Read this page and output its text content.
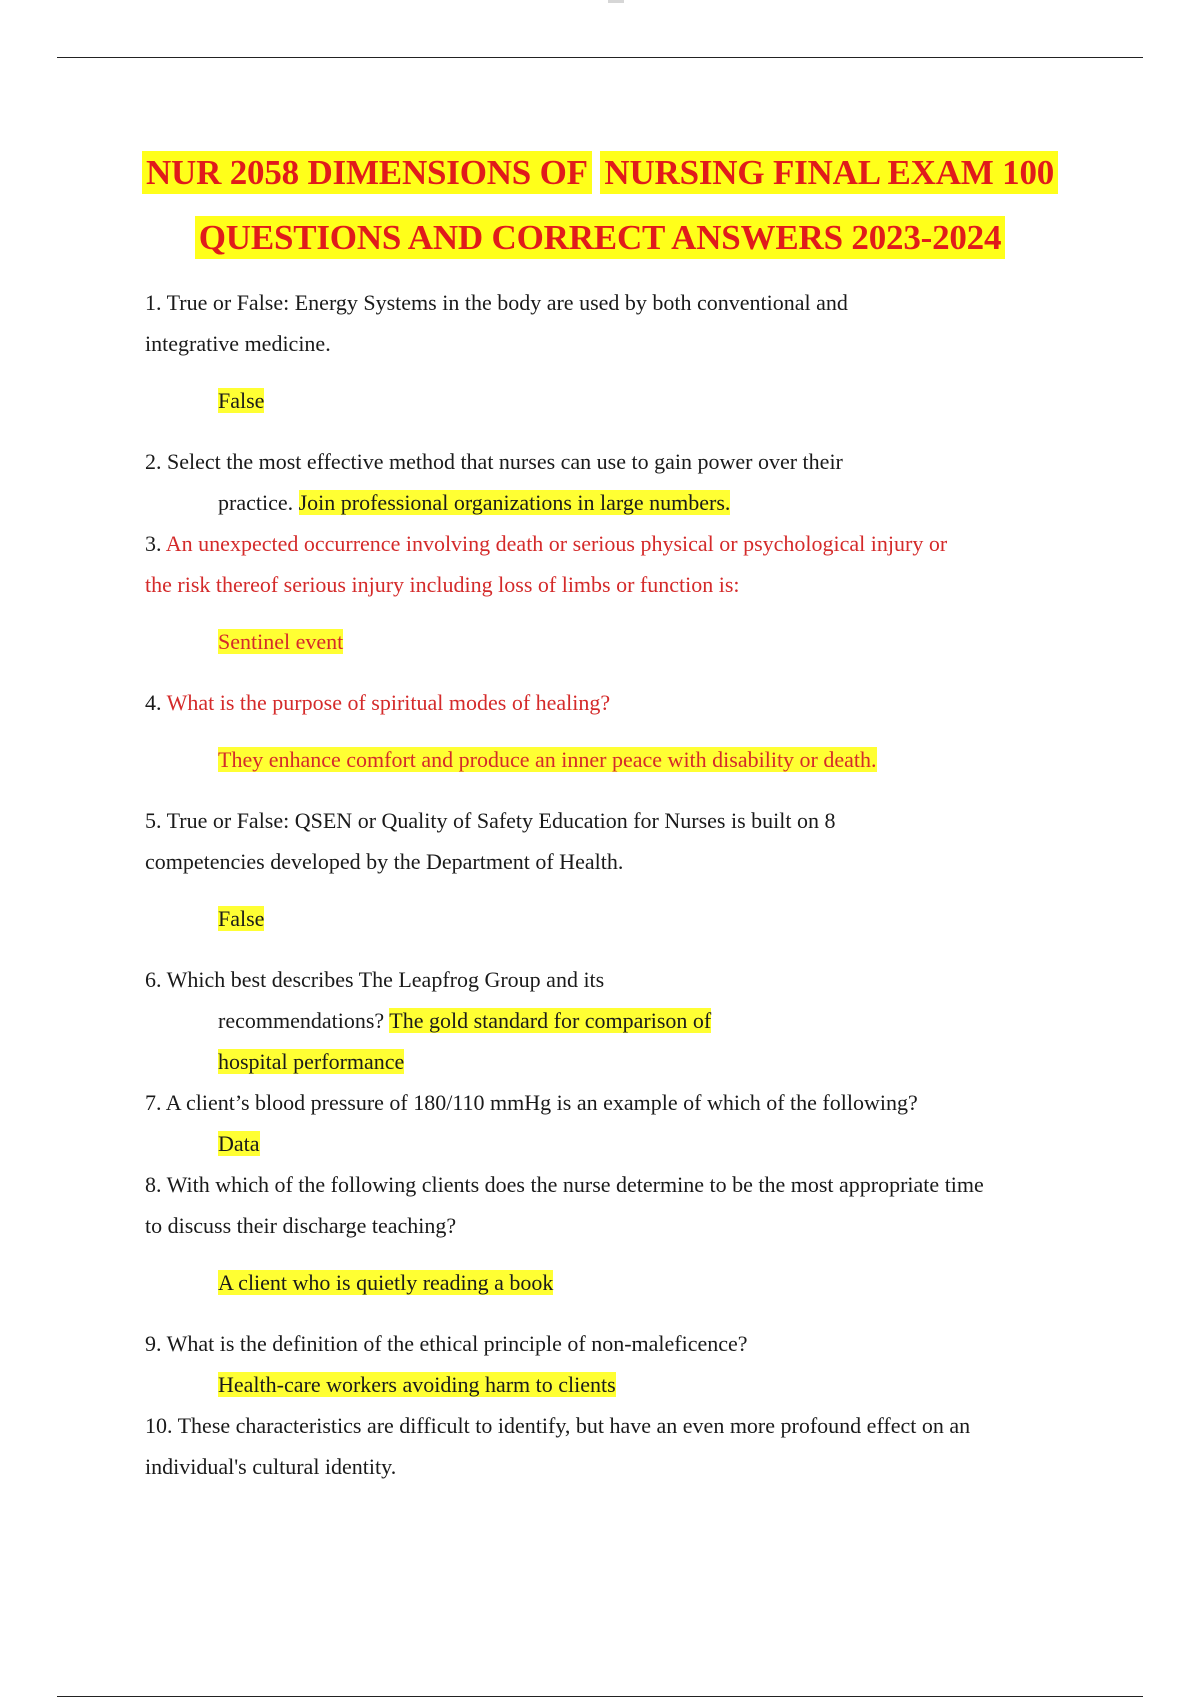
NUR 2058 DIMENSIONS OF NURSING FINAL EXAM 100
QUESTIONS AND CORRECT ANSWERS 2023-2024

1. True or False: Energy Systems in the body are used by both conventional and

integrative medicine.

False

2. Select the most effective method that nurses can use to gain power over their

practice. Join professional organizations in large numbers.

3. An unexpected occurrence involving death or serious physical or psychological injury or

the risk thereof serious injury including loss of limbs or function is:

Sentinel event

4. What is the purpose of spiritual modes of healing?

They enhance comfort and produce an inner peace with disability or death.

5. True or False: QSEN or Quality of Safety Education for Nurses is built on 8

competencies developed by the Department of Health.

False

6. Which best describes The Leapfrog Group and its

recommendations? The gold standard for comparison of

hospital performance

7. A client’s blood pressure of 180/110 mmHg is an example of which of the following?

Data

8. With which of the following clients does the nurse determine to be the most appropriate time

to discuss their discharge teaching?

A client who is quietly reading a book

9. What is the definition of the ethical principle of non-maleficence?

Health-care workers avoiding harm to clients

10. These characteristics are difficult to identify, but have an even more profound effect on an

individual's cultural identity.
